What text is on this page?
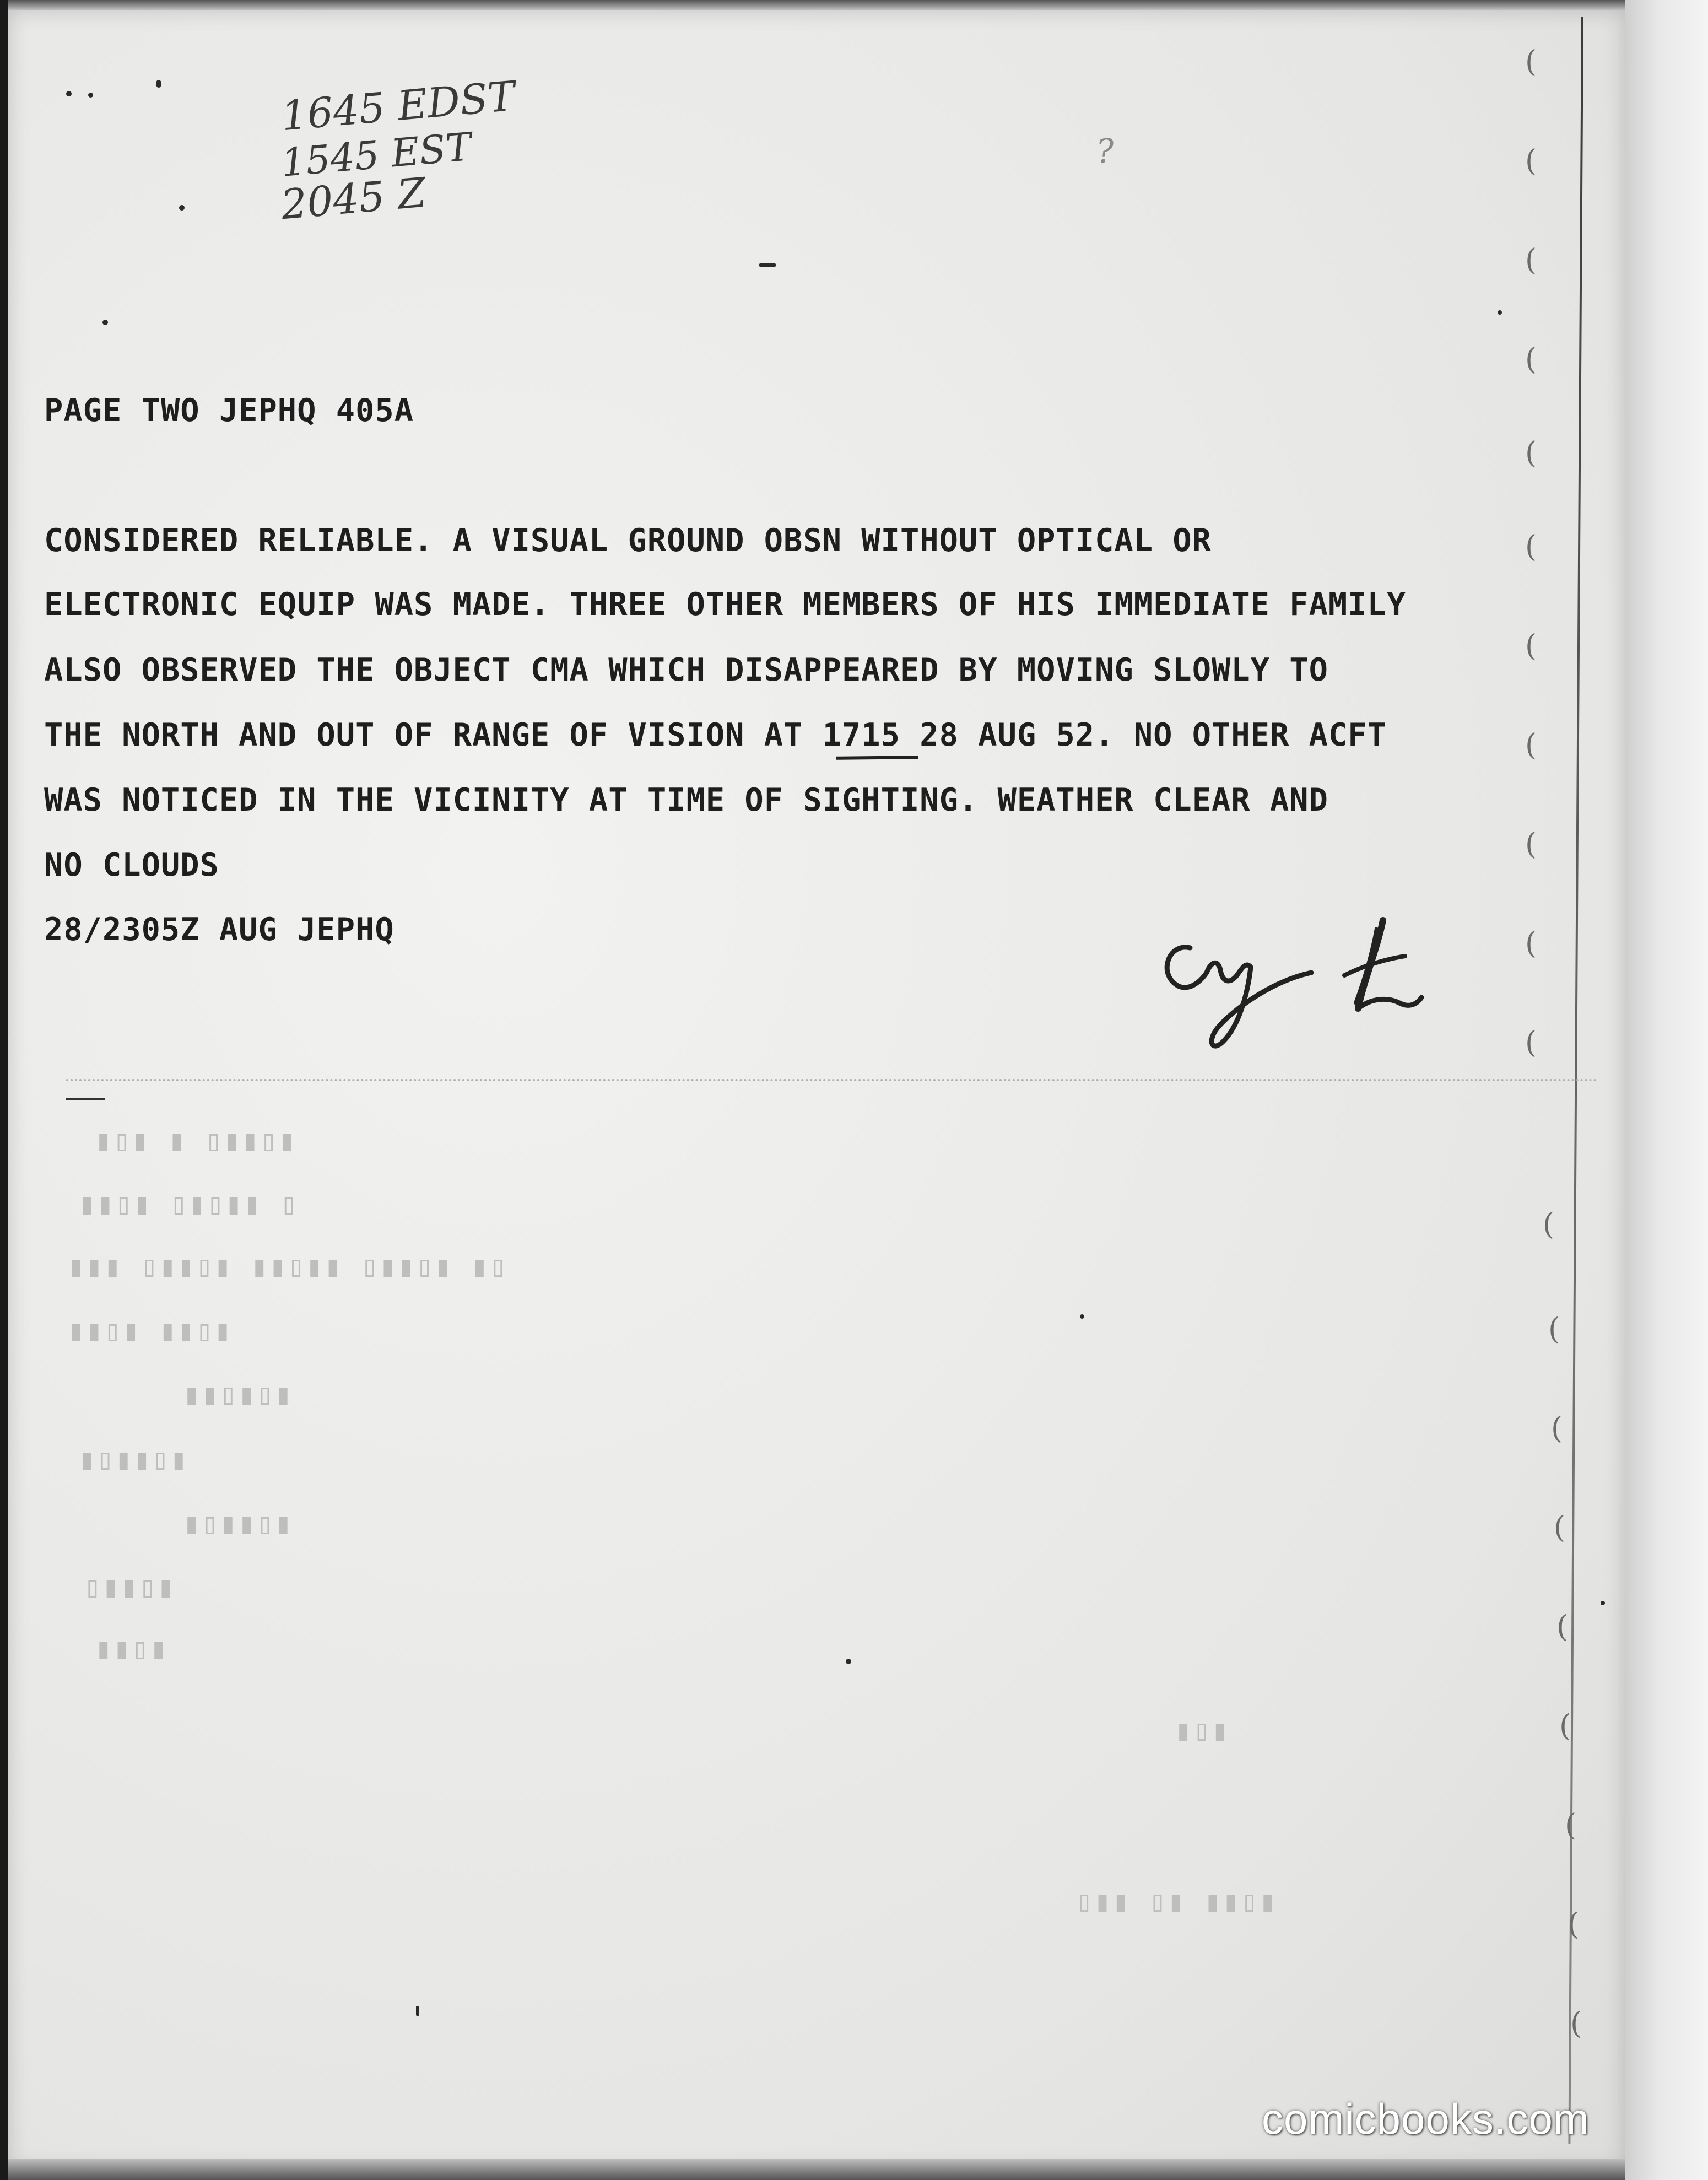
1645 EDST
1545 EST
2045 Z
?
PAGE TWO JEPHQ 405A
CONSIDERED RELIABLE. A VISUAL GROUND OBSN WITHOUT OPTICAL OR
ELECTRONIC EQUIP WAS MADE. THREE OTHER MEMBERS OF HIS IMMEDIATE FAMILY
ALSO OBSERVED THE OBJECT CMA WHICH DISAPPEARED BY MOVING SLOWLY TO
THE NORTH AND OUT OF RANGE OF VISION AT 1715 28 AUG 52. NO OTHER ACFT
WAS NOTICED IN THE VICINITY AT TIME OF SIGHTING. WEATHER CLEAR AND
NO CLOUDS
28/2305Z AUG JEPHQ
▮▯▮▮▯ ▮ ▮▯▮
▯ ▮▮▯▮▯ ▮▯▮▮
▯▮ ▮▯▮▮▯ ▮▮▯▮▮ ▮▯▮▮▯ ▮▮▮
▮▯▮▮ ▮▯▮▮
▮▯▮▯▮▮
▮▯▮▮▯▮
▮▯▮▮▯▮
▮▯▮▮▯
▮▯▮▮
▮▯▮
▮▯▮▮ ▮▯ ▮▮▯
(
(
(
(
(
(
(
(
(
(
(
(
(
(
(
(
(
(
(
(
comicbooks.com
